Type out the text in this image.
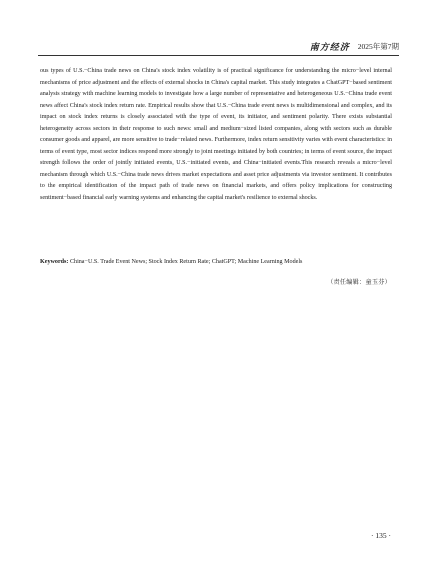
南方经济 2025年第7期

ous types of U.S.−China trade news on China's stock index volatility is of practical significance for understanding the micro−level internal mechanisms of price adjustment and the effects of external shocks in China's capital market. This study integrates a ChatGPT−based sentiment analysis strategy with machine learning models to investigate how a large number of representative and heterogeneous U.S.−China trade event news affect China's stock index return rate. Empirical results show that U.S.−China trade event news is multidimensional and complex, and its impact on stock index returns is closely associated with the type of event, its initiator, and sentiment polarity. There exists substantial heterogeneity across sectors in their response to such news: small and medium−sized listed companies, along with sectors such as durable consumer goods and apparel, are more sensitive to trade−related news. Furthermore, index return sensitivity varies with event characteristics: in terms of event type, most sector indices respond more strongly to joint meetings initiated by both countries; in terms of event source, the impact strength follows the order of jointly initiated events, U.S.−initiated events, and China−initiated events.This research reveals a micro−level mechanism through which U.S.−China trade news drives market expectations and asset price adjustments via investor sentiment. It contributes to the empirical identification of the impact path of trade news on financial markets, and offers policy implications for constructing sentiment−based financial early warning systems and enhancing the capital market's resilience to external shocks.

Keywords: China−U.S. Trade Event News; Stock Index Return Rate; ChatGPT; Machine Learning Models

（责任编辑：童玉芬）

· 135 ·
